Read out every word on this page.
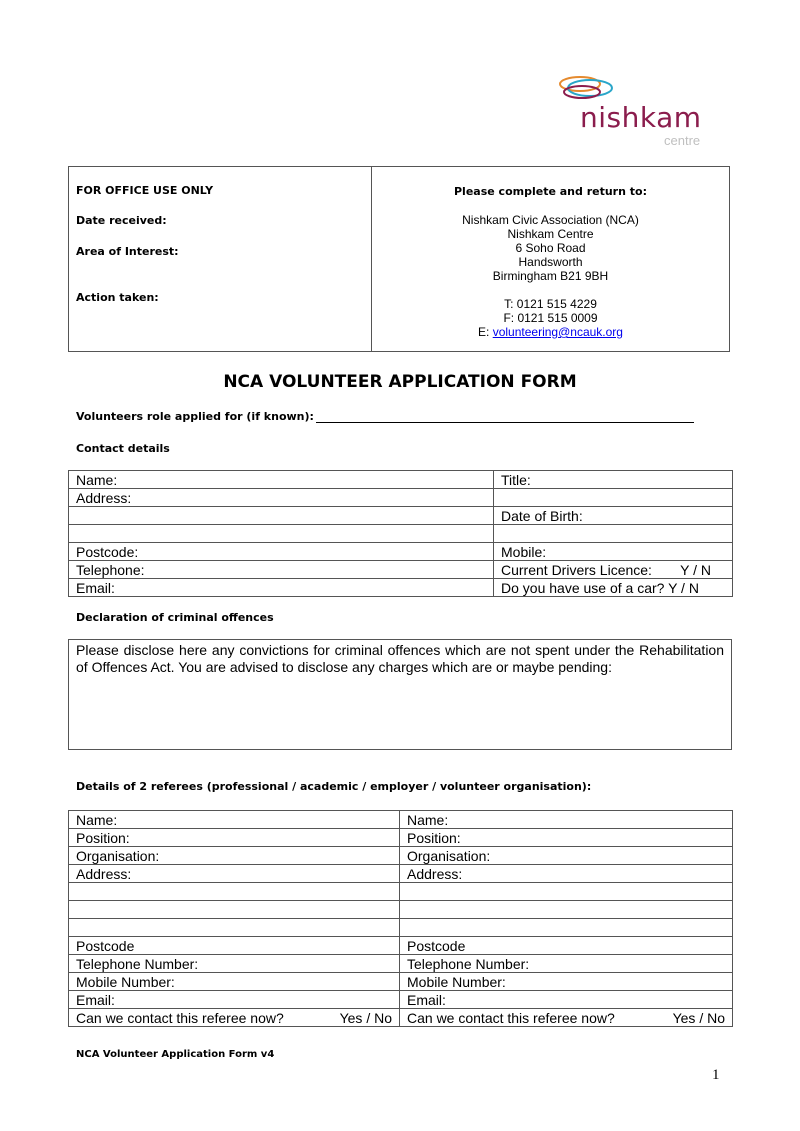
nishkam
centre
FOR OFFICE USE ONLY
Date received:
Area of Interest:
Action taken:
Please complete and return to:
Nishkam Civic Association (NCA)
Nishkam Centre
6 Soho Road
Handsworth
Birmingham B21 9BH
T: 0121 515 4229
F: 0121 515 0009
E: volunteering@ncauk.org
NCA VOLUNTEER APPLICATION FORM
Volunteers role applied for (if known):
Contact details
Name:	Title:
Address:	
	Date of Birth:

Postcode:	Mobile:
Telephone:	Current Drivers Licence: Y / N

Email:	Do you have use of a car? Y / N
Declaration of criminal offences
Please disclose here any convictions for criminal offences which are not spent under the Rehabilitation of Offences Act. You are advised to disclose any charges which are or maybe pending:
Details of 2 referees (professional / academic / employer / volunteer organisation):
Name:	Name:
Position:	Position:
Organisation:	Organisation:
Address:	Address:

Postcode	Postcode
Telephone Number:	Telephone Number:
Mobile Number:	Mobile Number:
Email:	Email:
Can we contact this referee now? Yes / No	Can we contact this referee now? Yes / No
NCA Volunteer Application Form v4
1
